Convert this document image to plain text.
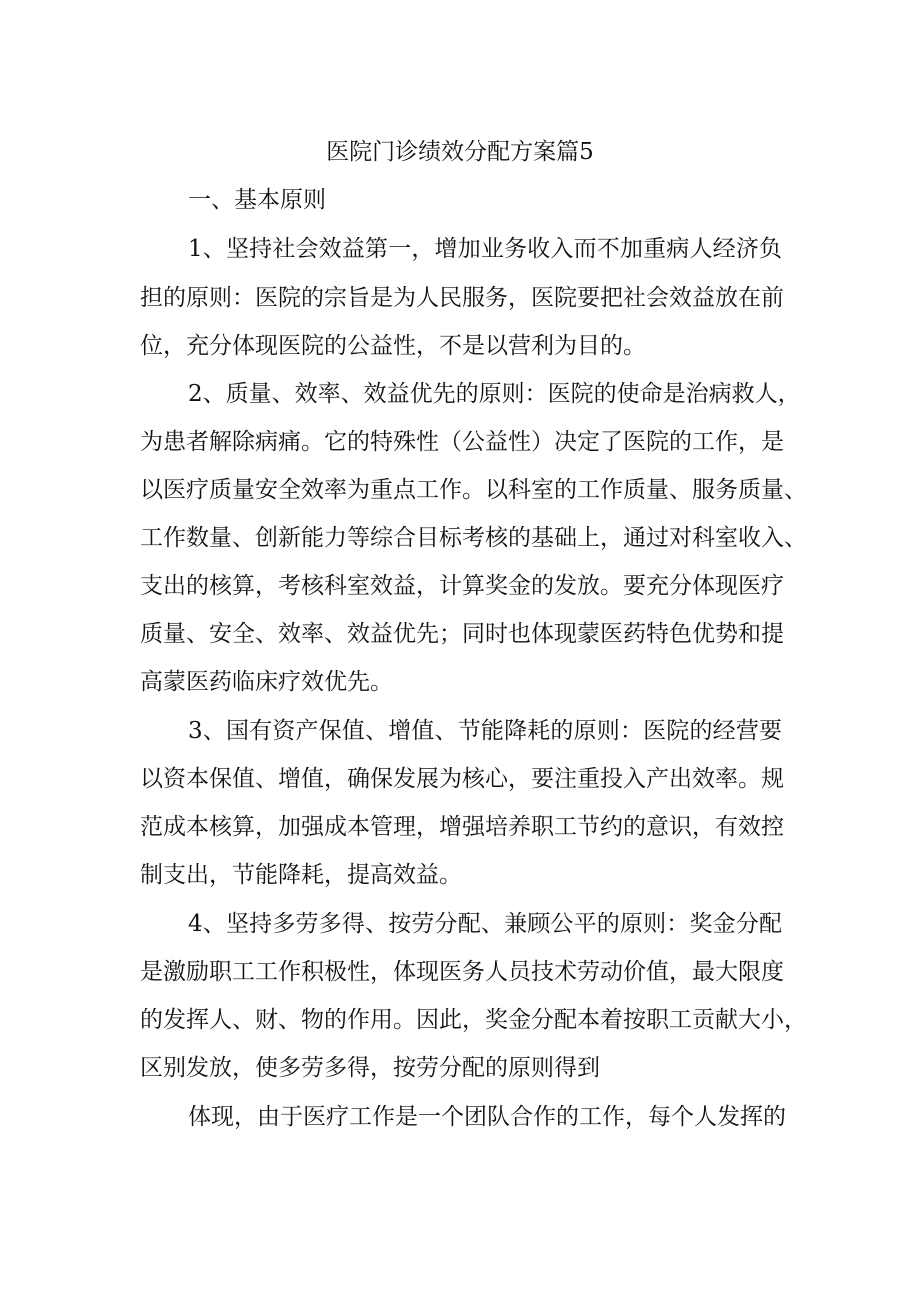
医院门诊绩效分配方案篇5
一、基本原则
1、坚持社会效益第一，增加业务收入而不加重病人经济负
担的原则：医院的宗旨是为人民服务，医院要把社会效益放在前
位，充分体现医院的公益性，不是以营利为目的。
2、质量、效率、效益优先的原则：医院的使命是治病救人，
为患者解除病痛。它的特殊性（公益性）决定了医院的工作，是
以医疗质量安全效率为重点工作。以科室的工作质量、服务质量、
工作数量、创新能力等综合目标考核的基础上，通过对科室收入、
支出的核算，考核科室效益，计算奖金的发放。要充分体现医疗
质量、安全、效率、效益优先；同时也体现蒙医药特色优势和提
高蒙医药临床疗效优先。
3、国有资产保值、增值、节能降耗的原则：医院的经营要
以资本保值、增值，确保发展为核心，要注重投入产出效率。规
范成本核算，加强成本管理，增强培养职工节约的意识，有效控
制支出，节能降耗，提高效益。
4、坚持多劳多得、按劳分配、兼顾公平的原则：奖金分配
是激励职工工作积极性，体现医务人员技术劳动价值，最大限度
的发挥人、财、物的作用。因此，奖金分配本着按职工贡献大小，
区别发放，使多劳多得，按劳分配的原则得到
体现，由于医疗工作是一个团队合作的工作，每个人发挥的
